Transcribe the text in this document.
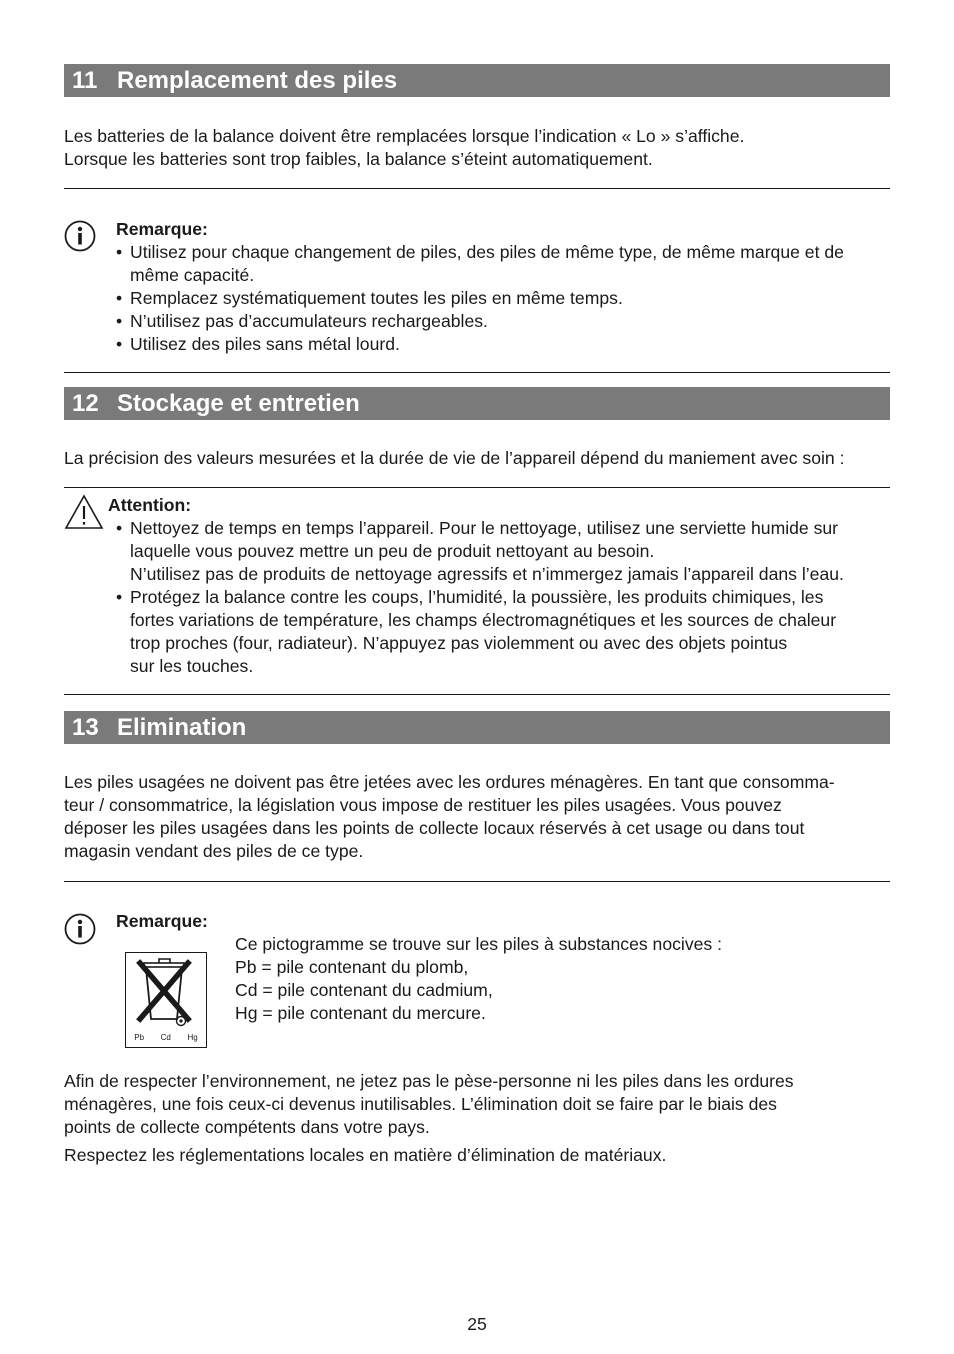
11 Remplacement des piles
Les batteries de la balance doivent être remplacées lorsque l’indication « Lo » s’affiche.
Lorsque les batteries sont trop faibles, la balance s’éteint automatiquement.
Remarque:
• Utilisez pour chaque changement de piles, des piles de même type, de même marque et de
même capacité.
• Remplacez systématiquement toutes les piles en même temps.
• N’utilisez pas d’accumulateurs rechargeables.
• Utilisez des piles sans métal lourd.
12 Stockage et entretien
La précision des valeurs mesurées et la durée de vie de l’appareil dépend du maniement avec soin :
Attention:
• Nettoyez de temps en temps l’appareil. Pour le nettoyage, utilisez une serviette humide sur
laquelle vous pouvez mettre un peu de produit nettoyant au besoin.
N’utilisez pas de produits de nettoyage agressifs et n’immergez jamais l’appareil dans l’eau.
• Protégez la balance contre les coups, l’humidité, la poussière, les produits chimiques, les
fortes variations de température, les champs électromagnétiques et les sources de chaleur
trop proches (four, radiateur). N’appuyez pas violemment ou avec des objets pointus
sur les touches.
13 Elimination
Les piles usagées ne doivent pas être jetées avec les ordures ménagères. En tant que consomma-
teur / consommatrice, la législation vous impose de restituer les piles usagées. Vous pouvez
déposer les piles usagées dans les points de collecte locaux réservés à cet usage ou dans tout
magasin vendant des piles de ce type.
Remarque:
Pb Cd Hg
Ce pictogramme se trouve sur les piles à substances nocives :
Pb = pile contenant du plomb,
Cd = pile contenant du cadmium,
Hg = pile contenant du mercure.
Afin de respecter l’environnement, ne jetez pas le pèse-personne ni les piles dans les ordures
ménagères, une fois ceux-ci devenus inutilisables. L’élimination doit se faire par le biais des
points de collecte compétents dans votre pays.
Respectez les réglementations locales en matière d’élimination de matériaux.
25
